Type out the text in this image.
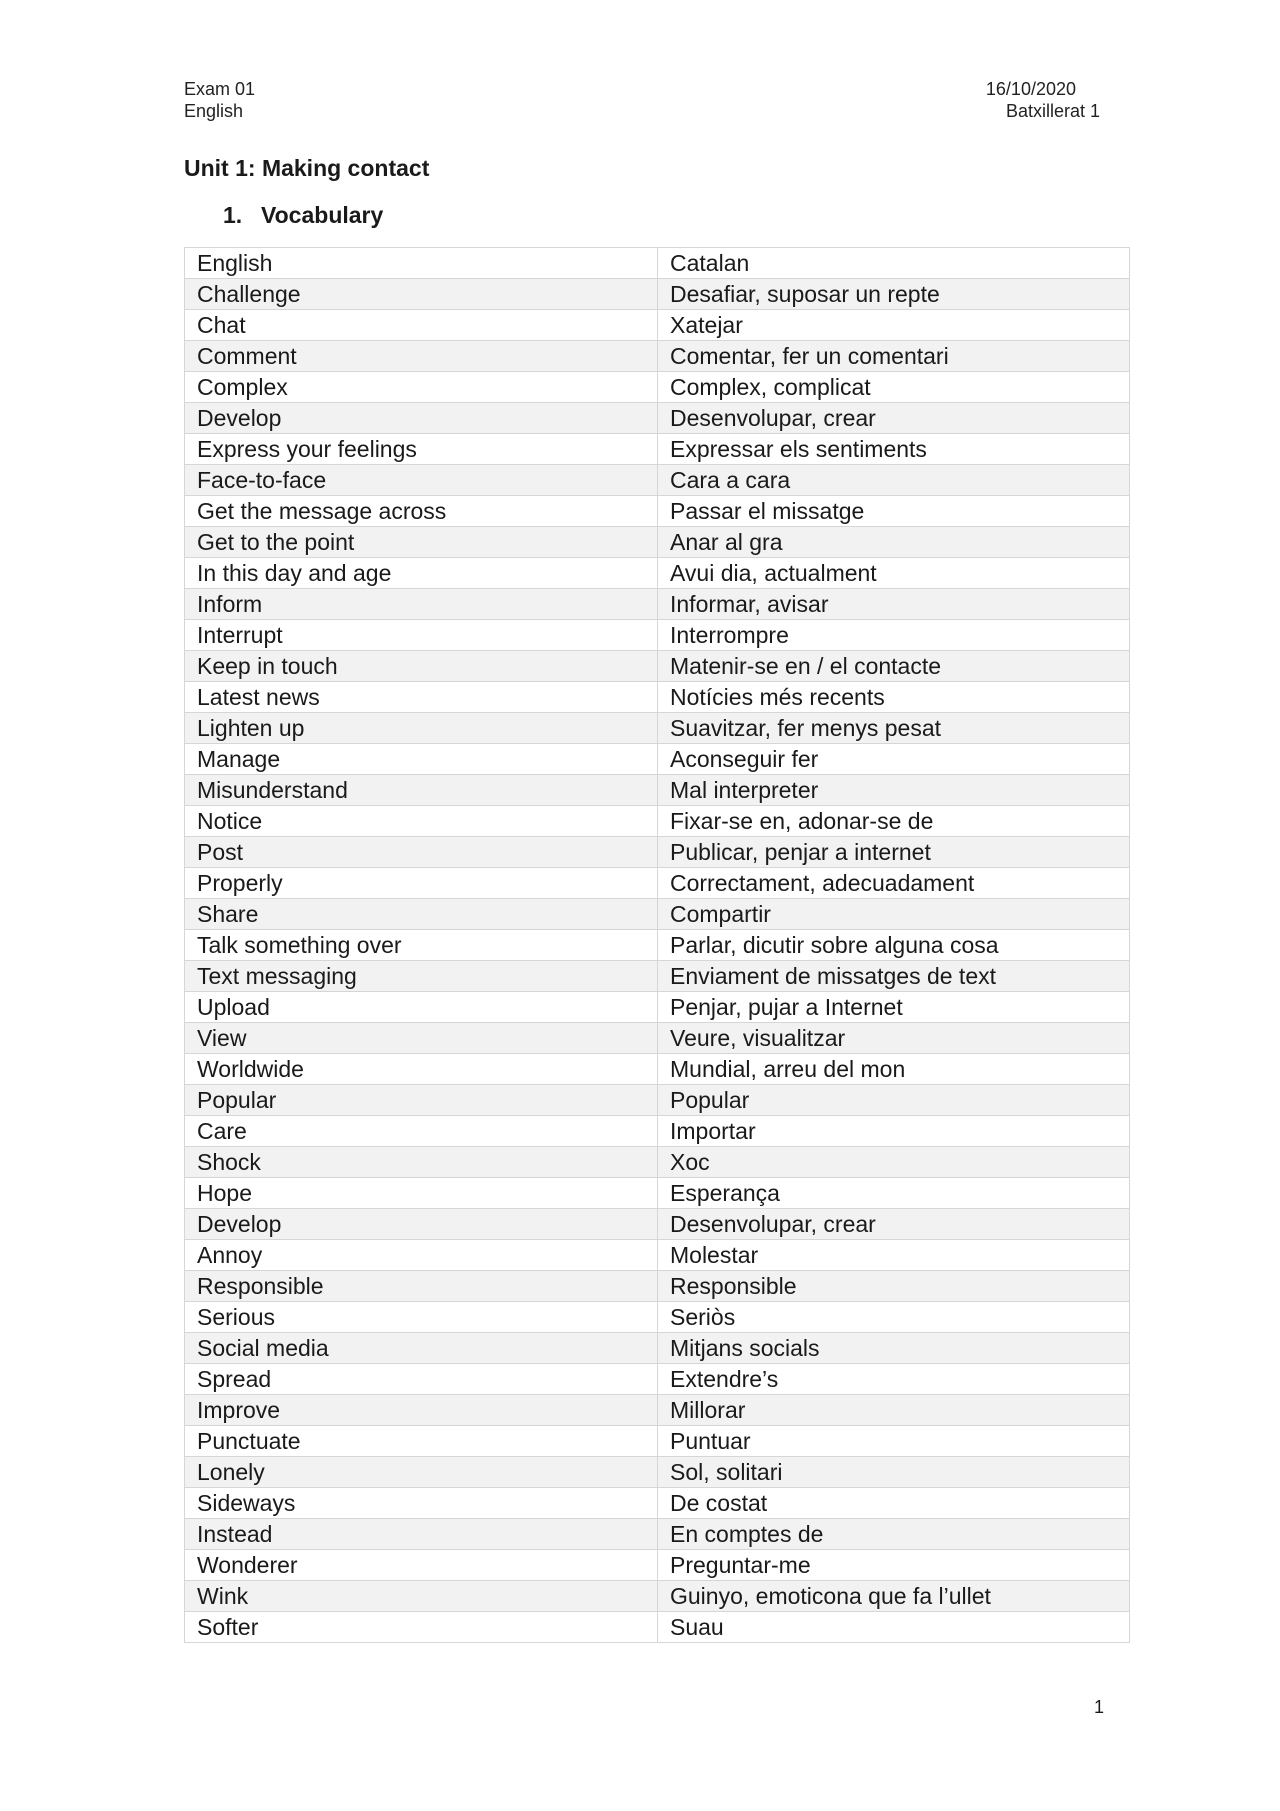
Exam 01
English
16/10/2020
Batxillerat 1
Unit 1: Making contact
1. Vocabulary
English	Catalan
Challenge	Desafiar, suposar un repte
Chat	Xatejar
Comment	Comentar, fer un comentari
Complex	Complex, complicat
Develop	Desenvolupar, crear
Express your feelings	Expressar els sentiments
Face-to-face	Cara a cara
Get the message across	Passar el missatge
Get to the point	Anar al gra
In this day and age	Avui dia, actualment
Inform	Informar, avisar
Interrupt	Interrompre
Keep in touch	Matenir-se en / el contacte
Latest news	Notícies més recents
Lighten up	Suavitzar, fer menys pesat
Manage	Aconseguir fer
Misunderstand	Mal interpreter
Notice	Fixar-se en, adonar-se de
Post	Publicar, penjar a internet
Properly	Correctament, adecuadament
Share	Compartir
Talk something over	Parlar, dicutir sobre alguna cosa
Text messaging	Enviament de missatges de text
Upload	Penjar, pujar a Internet
View	Veure, visualitzar
Worldwide	Mundial, arreu del mon
Popular	Popular
Care	Importar
Shock	Xoc
Hope	Esperança
Develop	Desenvolupar, crear
Annoy	Molestar
Responsible	Responsible
Serious	Seriòs
Social media	Mitjans socials
Spread	Extendre’s
Improve	Millorar
Punctuate	Puntuar
Lonely	Sol, solitari
Sideways	De costat
Instead	En comptes de
Wonderer	Preguntar-me
Wink	Guinyo, emoticona que fa l’ullet
Softer	Suau
1
